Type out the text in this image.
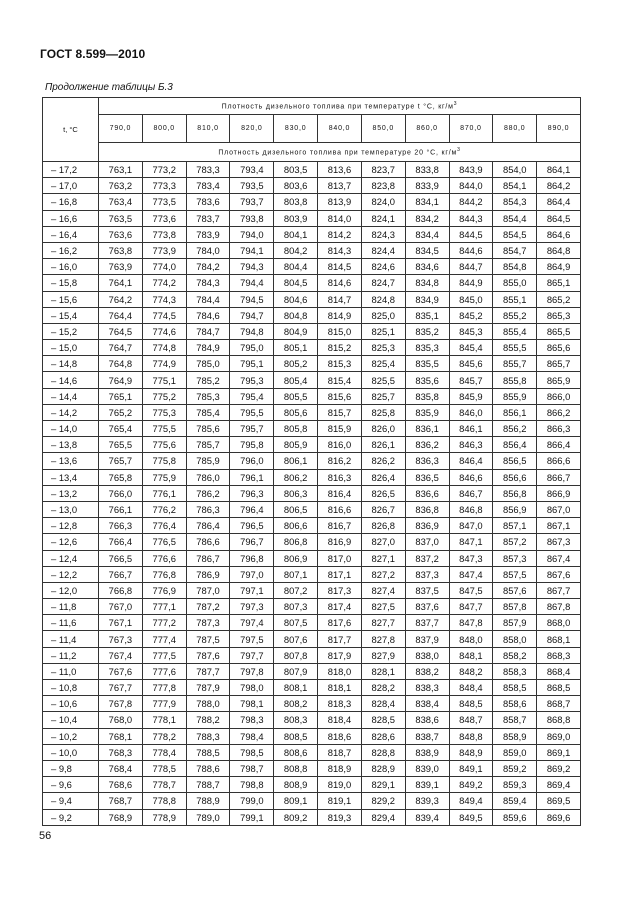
ГОСТ 8.599—2010
Продолжение таблицы Б.3
t, °C	Плотность дизельного топлива при температуре t °С, $кг/м^3$
	790,0	800,0	810,0	820,0	830,0	840,0	850,0	860,0	870,0	880,0	890,0
	Плотность дизельного топлива при температуре 20 °С, $кг/м^3$
– 17,2	763,1	773,2	783,3	793,4	803,5	813,6	823,7	833,8	843,9	854,0	864,1
– 17,0	763,2	773,3	783,4	793,5	803,6	813,7	823,8	833,9	844,0	854,1	864,2
– 16,8	763,4	773,5	783,6	793,7	803,8	813,9	824,0	834,1	844,2	854,3	864,4
– 16,6	763,5	773,6	783,7	793,8	803,9	814,0	824,1	834,2	844,3	854,4	864,5
– 16,4	763,6	773,8	783,9	794,0	804,1	814,2	824,3	834,4	844,5	854,5	864,6
– 16,2	763,8	773,9	784,0	794,1	804,2	814,3	824,4	834,5	844,6	854,7	864,8
– 16,0	763,9	774,0	784,2	794,3	804,4	814,5	824,6	834,6	844,7	854,8	864,9
– 15,8	764,1	774,2	784,3	794,4	804,5	814,6	824,7	834,8	844,9	855,0	865,1
– 15,6	764,2	774,3	784,4	794,5	804,6	814,7	824,8	834,9	845,0	855,1	865,2
– 15,4	764,4	774,5	784,6	794,7	804,8	814,9	825,0	835,1	845,2	855,2	865,3
– 15,2	764,5	774,6	784,7	794,8	804,9	815,0	825,1	835,2	845,3	855,4	865,5
– 15,0	764,7	774,8	784,9	795,0	805,1	815,2	825,3	835,3	845,4	855,5	865,6
– 14,8	764,8	774,9	785,0	795,1	805,2	815,3	825,4	835,5	845,6	855,7	865,7
– 14,6	764,9	775,1	785,2	795,3	805,4	815,4	825,5	835,6	845,7	855,8	865,9
– 14,4	765,1	775,2	785,3	795,4	805,5	815,6	825,7	835,8	845,9	855,9	866,0
– 14,2	765,2	775,3	785,4	795,5	805,6	815,7	825,8	835,9	846,0	856,1	866,2
– 14,0	765,4	775,5	785,6	795,7	805,8	815,9	826,0	836,1	846,1	856,2	866,3
– 13,8	765,5	775,6	785,7	795,8	805,9	816,0	826,1	836,2	846,3	856,4	866,4
– 13,6	765,7	775,8	785,9	796,0	806,1	816,2	826,2	836,3	846,4	856,5	866,6
– 13,4	765,8	775,9	786,0	796,1	806,2	816,3	826,4	836,5	846,6	856,6	866,7
– 13,2	766,0	776,1	786,2	796,3	806,3	816,4	826,5	836,6	846,7	856,8	866,9
– 13,0	766,1	776,2	786,3	796,4	806,5	816,6	826,7	836,8	846,8	856,9	867,0
– 12,8	766,3	776,4	786,4	796,5	806,6	816,7	826,8	836,9	847,0	857,1	867,1
– 12,6	766,4	776,5	786,6	796,7	806,8	816,9	827,0	837,0	847,1	857,2	867,3
– 12,4	766,5	776,6	786,7	796,8	806,9	817,0	827,1	837,2	847,3	857,3	867,4
– 12,2	766,7	776,8	786,9	797,0	807,1	817,1	827,2	837,3	847,4	857,5	867,6
– 12,0	766,8	776,9	787,0	797,1	807,2	817,3	827,4	837,5	847,5	857,6	867,7
– 11,8	767,0	777,1	787,2	797,3	807,3	817,4	827,5	837,6	847,7	857,8	867,8
– 11,6	767,1	777,2	787,3	797,4	807,5	817,6	827,7	837,7	847,8	857,9	868,0
– 11,4	767,3	777,4	787,5	797,5	807,6	817,7	827,8	837,9	848,0	858,0	868,1
– 11,2	767,4	777,5	787,6	797,7	807,8	817,9	827,9	838,0	848,1	858,2	868,3
– 11,0	767,6	777,6	787,7	797,8	807,9	818,0	828,1	838,2	848,2	858,3	868,4
– 10,8	767,7	777,8	787,9	798,0	808,1	818,1	828,2	838,3	848,4	858,5	868,5
– 10,6	767,8	777,9	788,0	798,1	808,2	818,3	828,4	838,4	848,5	858,6	868,7
– 10,4	768,0	778,1	788,2	798,3	808,3	818,4	828,5	838,6	848,7	858,7	868,8
– 10,2	768,1	778,2	788,3	798,4	808,5	818,6	828,6	838,7	848,8	858,9	869,0
– 10,0	768,3	778,4	788,5	798,5	808,6	818,7	828,8	838,9	848,9	859,0	869,1
– 9,8	768,4	778,5	788,6	798,7	808,8	818,9	828,9	839,0	849,1	859,2	869,2
– 9,6	768,6	778,7	788,7	798,8	808,9	819,0	829,1	839,1	849,2	859,3	869,4
– 9,4	768,7	778,8	788,9	799,0	809,1	819,1	829,2	839,3	849,4	859,4	869,5
– 9,2	768,9	778,9	789,0	799,1	809,2	819,3	829,4	839,4	849,5	859,6	869,6
56
